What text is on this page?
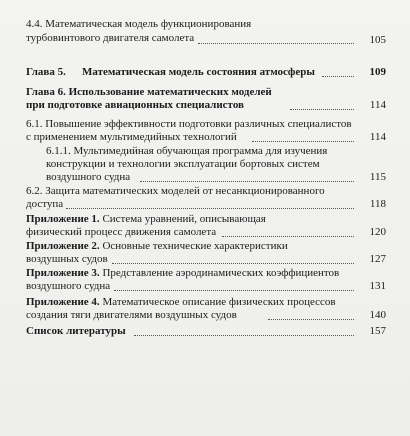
4.4. Математическая модель функционирования
турбовинтового двигателя самолета	105
Глава 5. Математическая модель состояния атмосферы	109
Глава 6. Использование математических моделей
при подготовке авиационных специалистов	114
6.1. Повышение эффективности подготовки различных специалистов
с применением мультимедийных технологий	114
6.1.1. Мультимедийная обучающая программа для изучения
конструкции и технологии эксплуатации бортовых систем
воздушного судна	115
6.2. Защита математических моделей от несанкционированного
доступа	118
Приложение 1. Система уравнений, описывающая
физический процесс движения самолета	120
Приложение 2. Основные технические характеристики
воздушных судов	127
Приложение 3. Представление аэродинамических коэффициентов
воздушного судна	131
Приложение 4. Математическое описание физических процессов
создания тяги двигателями воздушных судов	140
Список литературы	157
